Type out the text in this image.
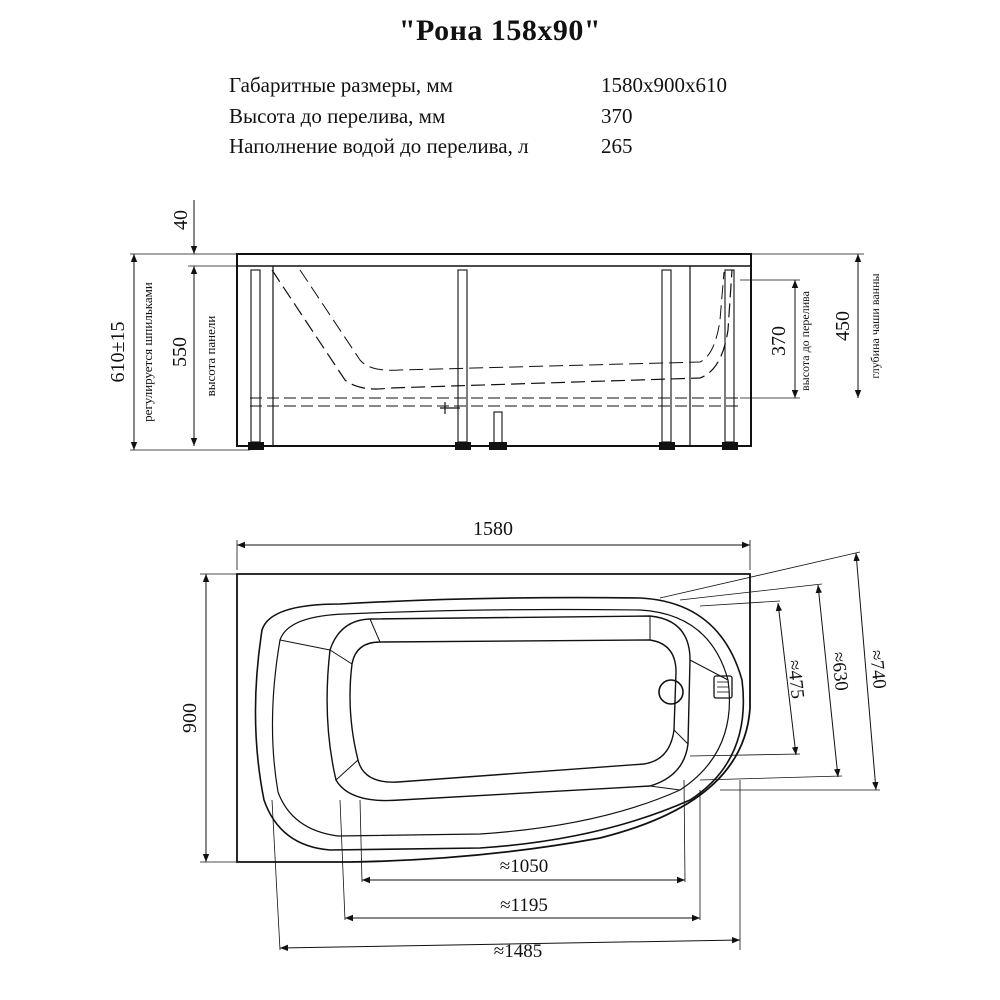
"Рона 158x90"
Габаритные размеры, мм	1580x900x610
Высота до перелива, мм	370
Наполнение водой до перелива, л	265
40
610±15 регулируется шпильками 550 высота панели	370 высота до перелива 450 глубина чаши ванны
1580
900
≈475 ≈630 ≈740
≈1050
≈1195
≈1485
